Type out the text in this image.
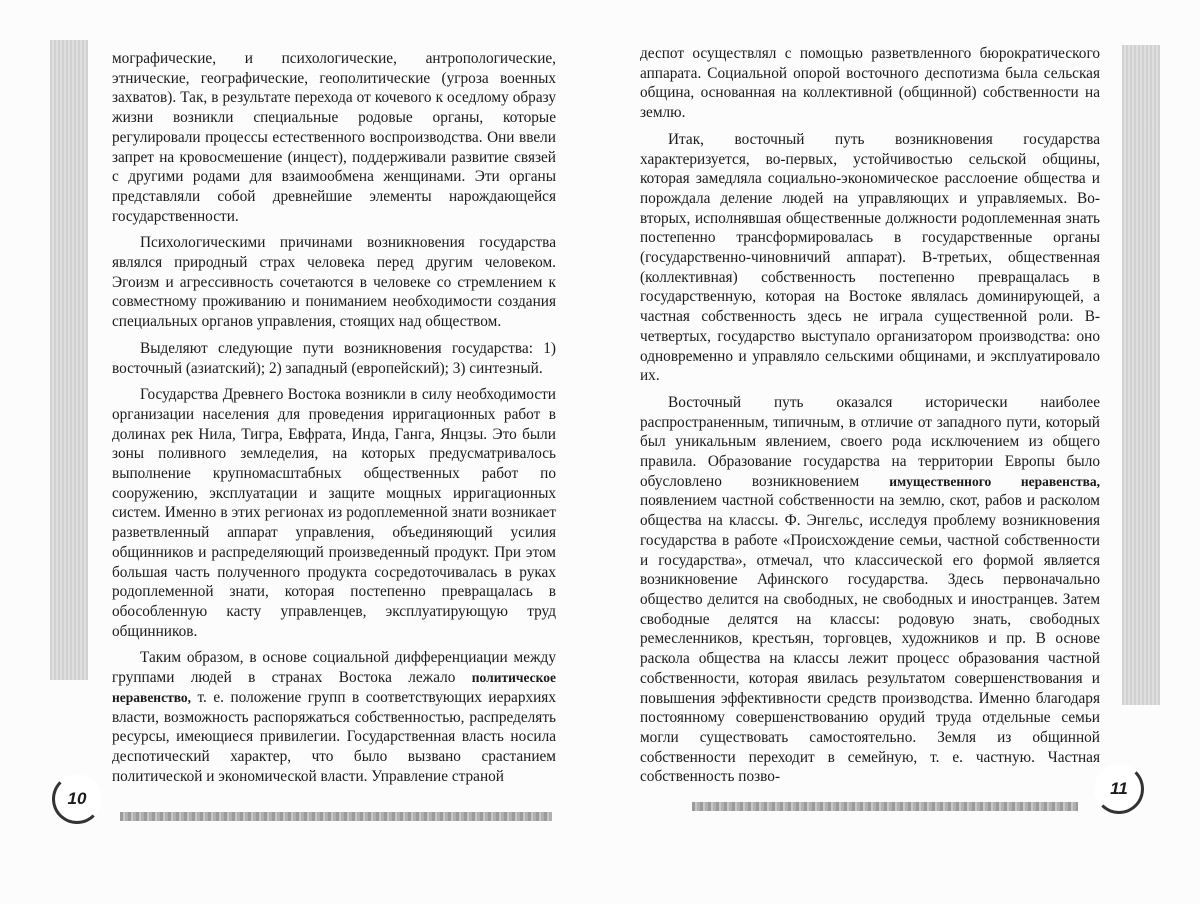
мографические, и психологические, антропологические, этнические, географические, геополитические (угроза военных захватов). Так, в результате перехода от кочевого к оседлому образу жизни возникли специальные родовые органы, которые регулировали процессы естественного воспроизводства. Они ввели запрет на кровосмешение (инцест), поддерживали развитие связей с другими родами для взаимообмена женщинами. Эти органы представляли собой древнейшие элементы нарождающейся государственности.

Психологическими причинами возникновения государства являлся природный страх человека перед другим человеком. Эгоизм и агрессивность сочетаются в человеке со стремлением к совместному проживанию и пониманием необходимости создания специальных органов управления, стоящих над обществом.

Выделяют следующие пути возникновения государства: 1) восточный (азиатский); 2) западный (европейский); 3) синтезный.

Государства Древнего Востока возникли в силу необходимости организации населения для проведения ирригационных работ в долинах рек Нила, Тигра, Евфрата, Инда, Ганга, Янцзы. Это были зоны поливного земледелия, на которых предусматривалось выполнение крупномасштабных общественных работ по сооружению, эксплуатации и защите мощных ирригационных систем. Именно в этих регионах из родоплеменной знати возникает разветвленный аппарат управления, объединяющий усилия общинников и распределяющий произведенный продукт. При этом большая часть полученного продукта сосредоточивалась в руках родоплеменной знати, которая постепенно превращалась в обособленную касту управленцев, эксплуатирующую труд общинников.

Таким образом, в основе социальной дифференциации между группами людей в странах Востока лежало политическое неравенство, т. е. положение групп в соответствующих иерархиях власти, возможность распоряжаться собственностью, распределять ресурсы, имеющиеся привилегии. Государственная власть носила деспотический характер, что было вызвано срастанием политической и экономической власти. Управление страной

10

деспот осуществлял с помощью разветвленного бюрократического аппарата. Социальной опорой восточного деспотизма была сельская община, основанная на коллективной (общинной) собственности на землю.

Итак, восточный путь возникновения государства характеризуется, во-первых, устойчивостью сельской общины, которая замедляла социально-экономическое расслоение общества и порождала деление людей на управляющих и управляемых. Во-вторых, исполнявшая общественные должности родоплеменная знать постепенно трансформировалась в государственные органы (государственно-чиновничий аппарат). В-третьих, общественная (коллективная) собственность постепенно превращалась в государственную, которая на Востоке являлась доминирующей, а частная собственность здесь не играла существенной роли. В-четвертых, государство выступало организатором производства: оно одновременно и управляло сельскими общинами, и эксплуатировало их.

Восточный путь оказался исторически наиболее распространенным, типичным, в отличие от западного пути, который был уникальным явлением, своего рода исключением из общего правила. Образование государства на территории Европы было обусловлено возникновением имущественного неравенства, появлением частной собственности на землю, скот, рабов и расколом общества на классы. Ф. Энгельс, исследуя проблему возникновения государства в работе «Происхождение семьи, частной собственности и государства», отмечал, что классической его формой является возникновение Афинского государства. Здесь первоначально общество делится на свободных, не свободных и иностранцев. Затем свободные делятся на классы: родовую знать, свободных ремесленников, крестьян, торговцев, художников и пр. В основе раскола общества на классы лежит процесс образования частной собственности, которая явилась результатом совершенствования и повышения эффективности средств производства. Именно благодаря постоянному совершенствованию орудий труда отдельные семьи могли существовать самостоятельно. Земля из общинной собственности переходит в семейную, т. е. частную. Частная собственность позво-

11
